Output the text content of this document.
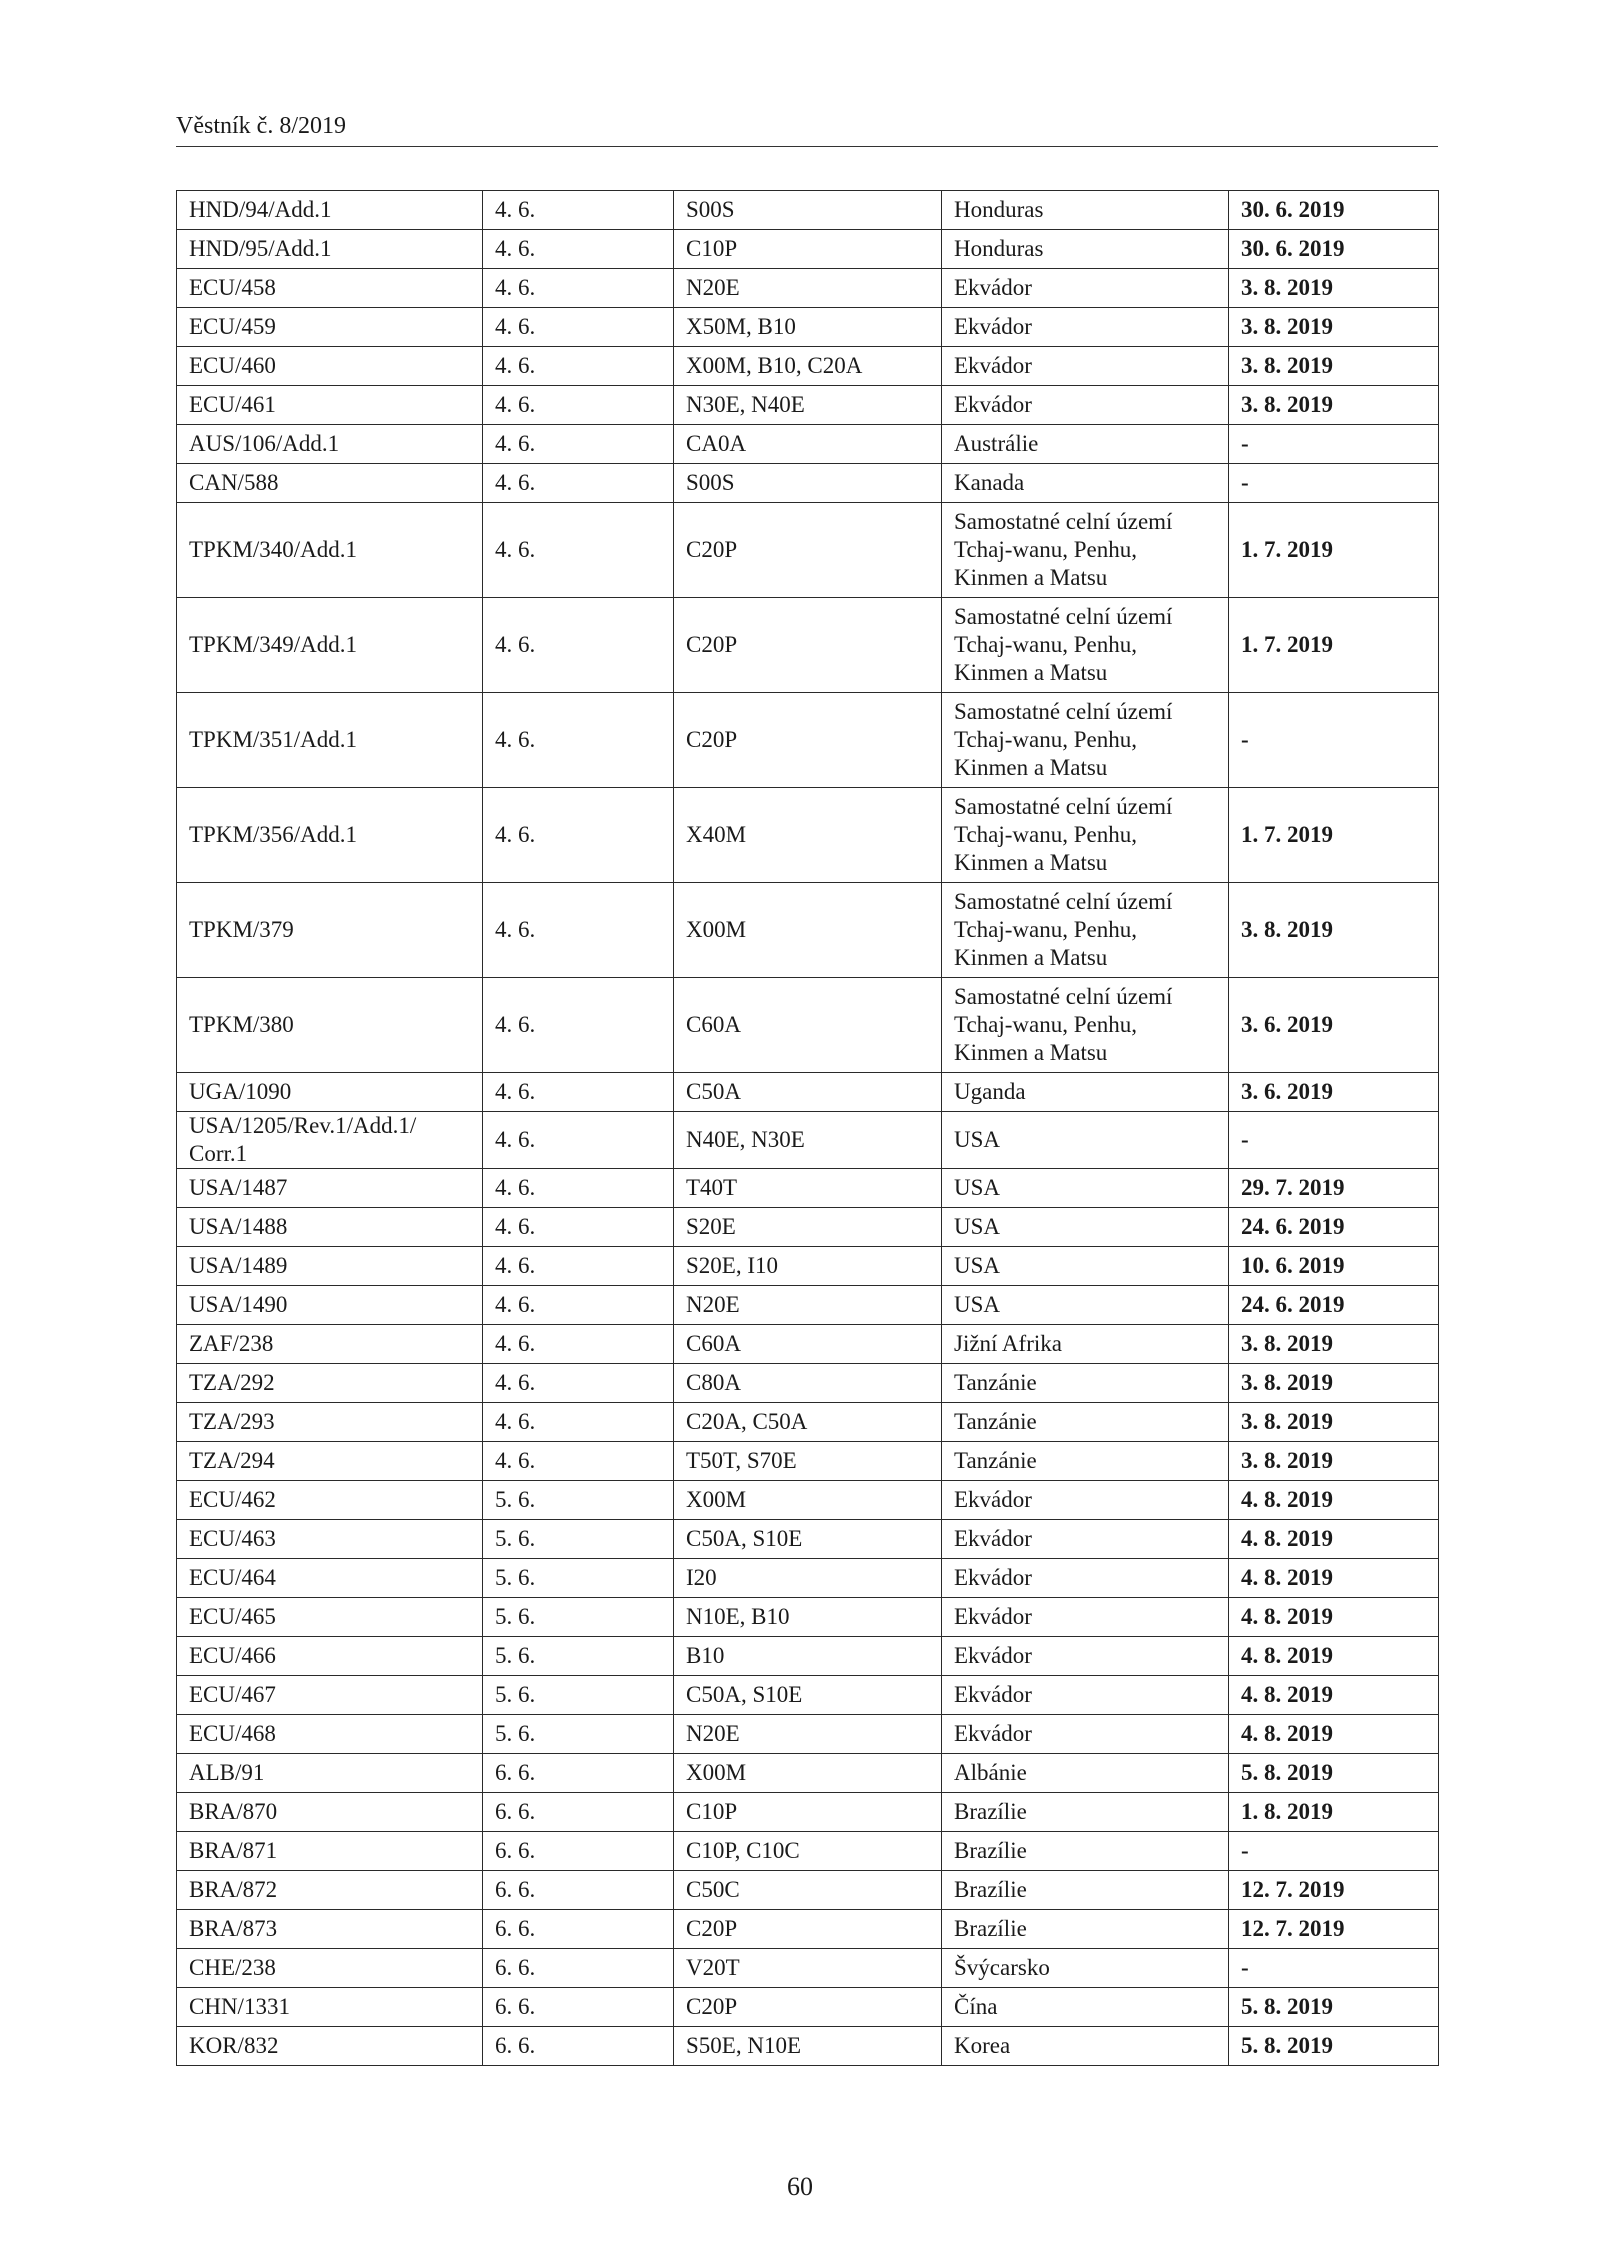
Věstník č. 8/2019
HND/94/Add.1	4. 6.	S00S	Honduras	30. 6. 2019
HND/95/Add.1	4. 6.	C10P	Honduras	30. 6. 2019
ECU/458	4. 6.	N20E	Ekvádor	3. 8. 2019
ECU/459	4. 6.	X50M, B10	Ekvádor	3. 8. 2019
ECU/460	4. 6.	X00M, B10, C20A	Ekvádor	3. 8. 2019
ECU/461	4. 6.	N30E, N40E	Ekvádor	3. 8. 2019
AUS/106/Add.1	4. 6.	CA0A	Austrálie	-
CAN/588	4. 6.	S00S	Kanada	-
TPKM/340/Add.1	4. 6.	C20P	Samostatné celní území Tchaj-wanu, Penhu, Kinmen a Matsu	1. 7. 2019
TPKM/349/Add.1	4. 6.	C20P	Samostatné celní území Tchaj-wanu, Penhu, Kinmen a Matsu	1. 7. 2019
TPKM/351/Add.1	4. 6.	C20P	Samostatné celní území Tchaj-wanu, Penhu, Kinmen a Matsu	-
TPKM/356/Add.1	4. 6.	X40M	Samostatné celní území Tchaj-wanu, Penhu, Kinmen a Matsu	1. 7. 2019
TPKM/379	4. 6.	X00M	Samostatné celní území Tchaj-wanu, Penhu, Kinmen a Matsu	3. 8. 2019
TPKM/380	4. 6.	C60A	Samostatné celní území Tchaj-wanu, Penhu, Kinmen a Matsu	3. 6. 2019
UGA/1090	4. 6.	C50A	Uganda	3. 6. 2019
USA/1205/Rev.1/Add.1/ Corr.1	4. 6.	N40E, N30E	USA	-
USA/1487	4. 6.	T40T	USA	29. 7. 2019
USA/1488	4. 6.	S20E	USA	24. 6. 2019
USA/1489	4. 6.	S20E, I10	USA	10. 6. 2019
USA/1490	4. 6.	N20E	USA	24. 6. 2019
ZAF/238	4. 6.	C60A	Jižní Afrika	3. 8. 2019
TZA/292	4. 6.	C80A	Tanzánie	3. 8. 2019
TZA/293	4. 6.	C20A, C50A	Tanzánie	3. 8. 2019
TZA/294	4. 6.	T50T, S70E	Tanzánie	3. 8. 2019
ECU/462	5. 6.	X00M	Ekvádor	4. 8. 2019
ECU/463	5. 6.	C50A, S10E	Ekvádor	4. 8. 2019
ECU/464	5. 6.	I20	Ekvádor	4. 8. 2019
ECU/465	5. 6.	N10E, B10	Ekvádor	4. 8. 2019
ECU/466	5. 6.	B10	Ekvádor	4. 8. 2019
ECU/467	5. 6.	C50A, S10E	Ekvádor	4. 8. 2019
ECU/468	5. 6.	N20E	Ekvádor	4. 8. 2019
ALB/91	6. 6.	X00M	Albánie	5. 8. 2019
BRA/870	6. 6.	C10P	Brazílie	1. 8. 2019
BRA/871	6. 6.	C10P, C10C	Brazílie	-
BRA/872	6. 6.	C50C	Brazílie	12. 7. 2019
BRA/873	6. 6.	C20P	Brazílie	12. 7. 2019
CHE/238	6. 6.	V20T	Švýcarsko	-
CHN/1331	6. 6.	C20P	Čína	5. 8. 2019
KOR/832	6. 6.	S50E, N10E	Korea	5. 8. 2019
60
